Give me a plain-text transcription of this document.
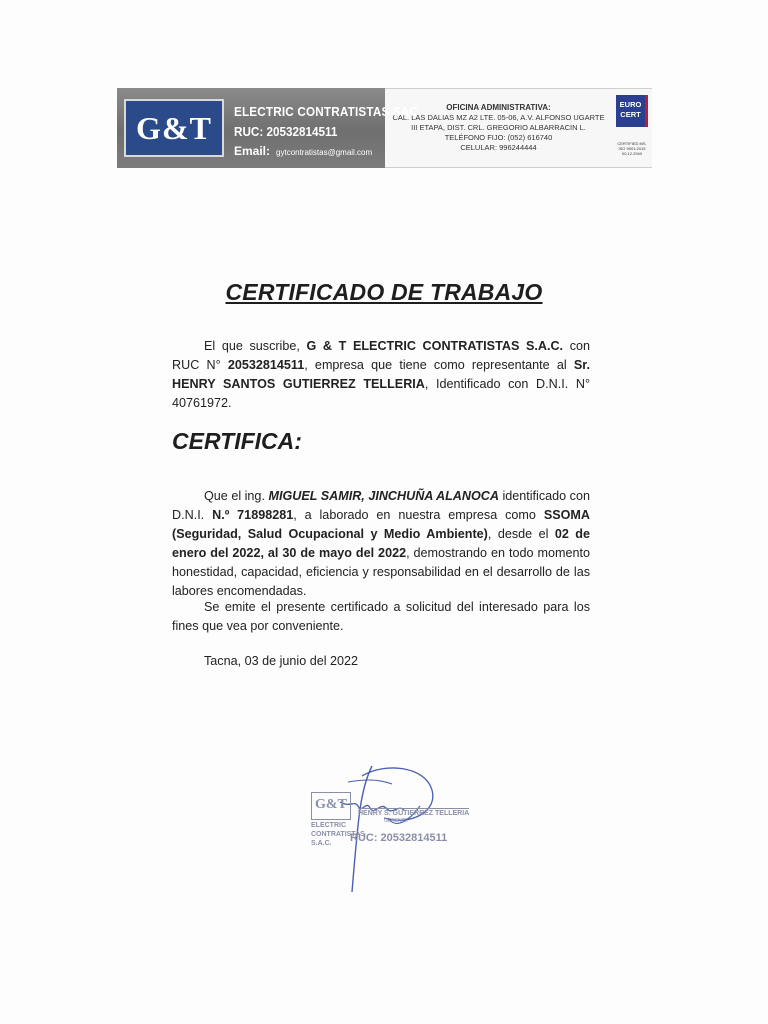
G&T	ELECTRIC CONTRATISTAS SAC
RUC: 20532814511
Email: gytcontratistas@gmail.com
OFICINA ADMINISTRATIVA:
CAL. LAS DALIAS MZ A2 LTE. 05-06, A.V. ALFONSO UGARTE
III ETAPA, DIST. CRL. GREGORIO ALBARRACIN L.
TELÉFONO FIJO: (052) 616740
CELULAR: 996244444
EURO
CERT
CERTIFIED MS. ISO 9001:2015 00.12.2940
CERTIFICADO DE TRABAJO
El que suscribe, G & T ELECTRIC CONTRATISTAS S.A.C. con RUC N° 20532814511, empresa que tiene como representante al Sr. HENRY SANTOS GUTIERREZ TELLERIA, Identificado con D.N.I. N° 40761972.
CERTIFICA:
Que el ing. MIGUEL SAMIR, JINCHUÑA ALANOCA identificado con D.N.I. N.º 71898281, a laborado en nuestra empresa como SSOMA (Seguridad, Salud Ocupacional y Medio Ambiente), desde el 02 de enero del 2022, al 30 de mayo del 2022, demostrando en todo momento honestidad, capacidad, eficiencia y responsabilidad en el desarrollo de las labores encomendadas.
Se emite el presente certificado a solicitud del interesado para los fines que vea por conveniente.
Tacna, 03 de junio del 2022
G&T
ELECTRIC
CONTRATISTAS
S.A.C.
HENRY S. GUTIERREZ TELLERIA
GERENTE
RUC: 20532814511
